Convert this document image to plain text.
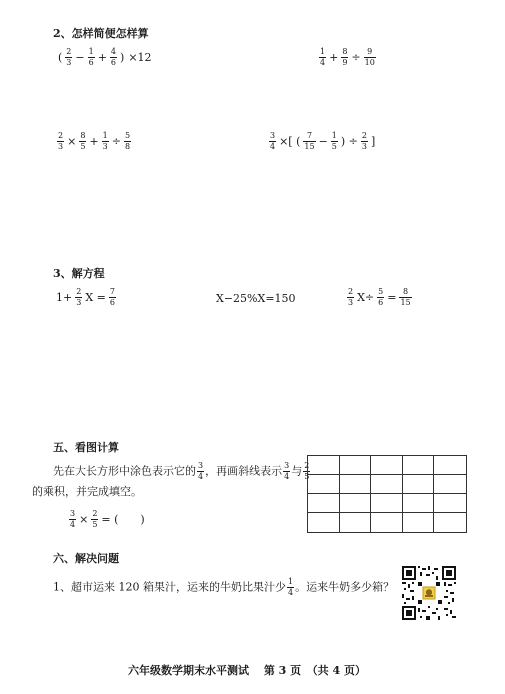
2、怎样简便怎样算
( $\frac{2}{3} - \frac{1}{6} + \frac{4}{6}$ ) ×12	$\frac{1}{4} + \frac{8}{9} \div \frac{9}{10}$
$\frac{2}{3} \times \frac{8}{5} + \frac{1}{3} \div \frac{5}{8}$	$\frac{3}{4}$ ×[ ( $\frac{7}{15} - \frac{1}{5}$ ) ÷ $\frac{2}{3}$ ]
3、解方程
$1+ \frac{2}{3}$ $X = \frac{7}{6}$	X−25%X=150	$\frac{2}{3} X\div \frac{5}{6} = \frac{8}{15}$
五、看图计算
先在大长方形中涂色表示它的 $\frac{3}{4}$ ，再画斜线表示 $\frac{3}{4}$ 与 $\frac{2}{5}$
的乘积，并完成填空。
$\frac{3}{4} \times \frac{2}{5}$ = (　　)
六、解决问题
1、超市运来 120 箱果汁，运来的牛奶比果汁少 $\frac{1}{4}$ 。运来牛奶多少箱？
六年级数学期末水平测试　 第 3 页　（共 4 页）
